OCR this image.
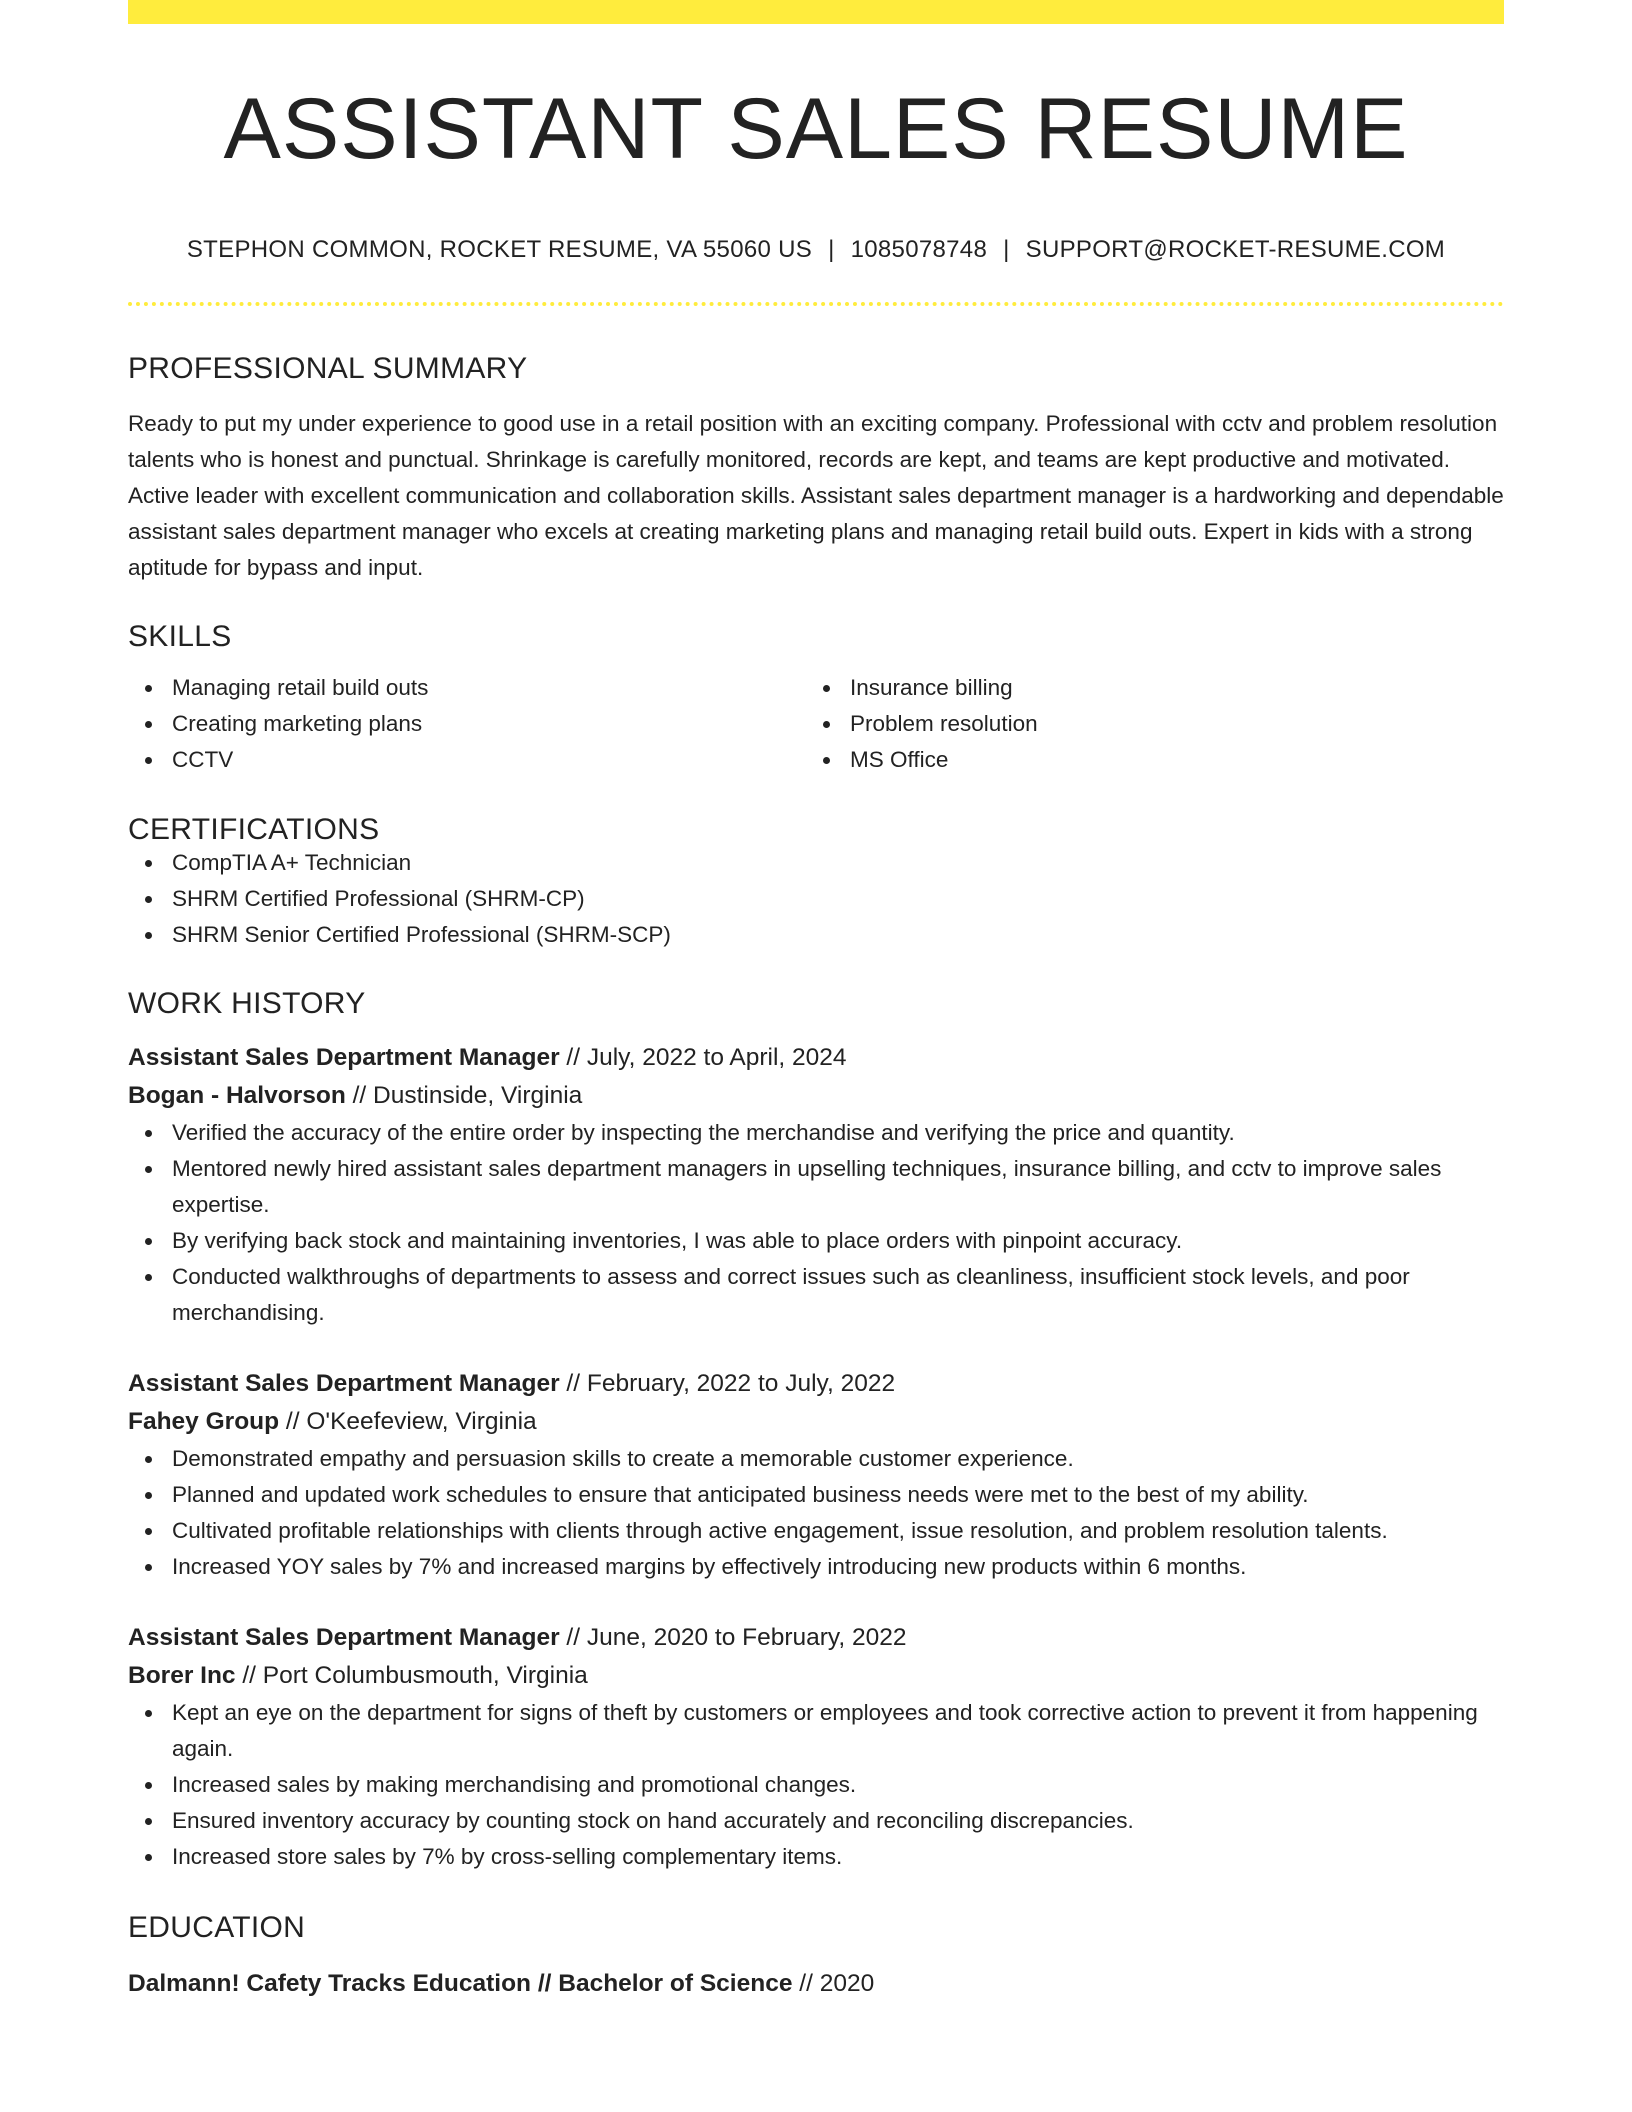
ASSISTANT SALES RESUME
STEPHON COMMON, ROCKET RESUME, VA 55060 US | 1085078748 | SUPPORT@ROCKET-RESUME.COM
PROFESSIONAL SUMMARY

Ready to put my under experience to good use in a retail position with an exciting company. Professional with cctv and problem resolution talents who is honest and punctual. Shrinkage is carefully monitored, records are kept, and teams are kept productive and motivated. Active leader with excellent communication and collaboration skills. Assistant sales department manager is a hardworking and dependable assistant sales department manager who excels at creating marketing plans and managing retail build outs. Expert in kids with a strong aptitude for bypass and input.

SKILLS
Managing retail build outs
Creating marketing plans
CCTV
Insurance billing
Problem resolution
MS Office
CERTIFICATIONS
CompTIA A+ Technician
SHRM Certified Professional (SHRM-CP)
SHRM Senior Certified Professional (SHRM-SCP)
WORK HISTORY
Assistant Sales Department Manager // July, 2022 to April, 2024
Bogan - Halvorson // Dustinside, Virginia
Verified the accuracy of the entire order by inspecting the merchandise and verifying the price and quantity.
Mentored newly hired assistant sales department managers in upselling techniques, insurance billing, and cctv to improve sales expertise.
By verifying back stock and maintaining inventories, I was able to place orders with pinpoint accuracy.
Conducted walkthroughs of departments to assess and correct issues such as cleanliness, insufficient stock levels, and poor merchandising.
Assistant Sales Department Manager // February, 2022 to July, 2022
Fahey Group // O'Keefeview, Virginia
Demonstrated empathy and persuasion skills to create a memorable customer experience.
Planned and updated work schedules to ensure that anticipated business needs were met to the best of my ability.
Cultivated profitable relationships with clients through active engagement, issue resolution, and problem resolution talents.
Increased YOY sales by 7% and increased margins by effectively introducing new products within 6 months.
Assistant Sales Department Manager // June, 2020 to February, 2022
Borer Inc // Port Columbusmouth, Virginia
Kept an eye on the department for signs of theft by customers or employees and took corrective action to prevent it from happening again.
Increased sales by making merchandising and promotional changes.
Ensured inventory accuracy by counting stock on hand accurately and reconciling discrepancies.
Increased store sales by 7% by cross-selling complementary items.
EDUCATION
Dalmann! Cafety Tracks Education // Bachelor of Science // 2020
